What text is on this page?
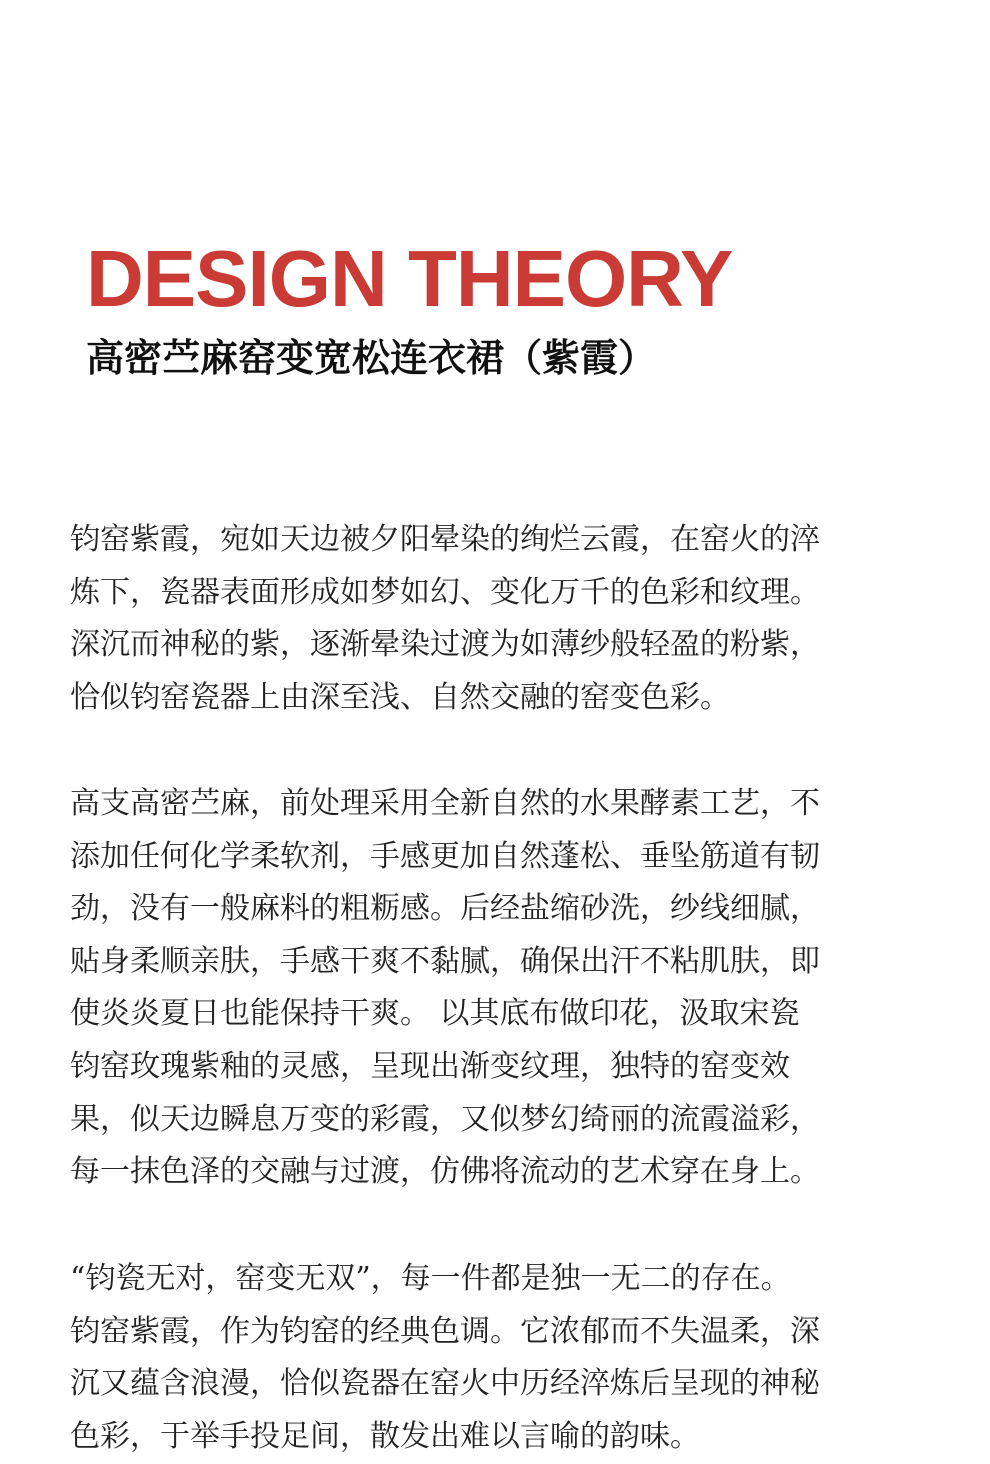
DESIGN THEORY
高密苎麻窑变宽松连衣裙（紫霞）

钧窑紫霞，宛如天边被夕阳晕染的绚烂云霞，在窑火的淬
炼下，瓷器表面形成如梦如幻、变化万千的色彩和纹理。
深沉而神秘的紫，逐渐晕染过渡为如薄纱般轻盈的粉紫，
恰似钧窑瓷器上由深至浅、自然交融的窑变色彩。

高支高密苎麻，前处理采用全新自然的水果酵素工艺，不
添加任何化学柔软剂，手感更加自然蓬松、垂坠筋道有韧
劲，没有一般麻料的粗粝感。后经盐缩砂洗，纱线细腻，
贴身柔顺亲肤，手感干爽不黏腻，确保出汗不粘肌肤，即
使炎炎夏日也能保持干爽。 以其底布做印花，汲取宋瓷
钧窑玫瑰紫釉的灵感，呈现出渐变纹理，独特的窑变效
果，似天边瞬息万变的彩霞，又似梦幻绮丽的流霞溢彩，
每一抹色泽的交融与过渡，仿佛将流动的艺术穿在身上。

“钧瓷无对，窑变无双”，每一件都是独一无二的存在。
钧窑紫霞，作为钧窑的经典色调。它浓郁而不失温柔，深
沉又蕴含浪漫，恰似瓷器在窑火中历经淬炼后呈现的神秘
色彩，于举手投足间，散发出难以言喻的韵味。
